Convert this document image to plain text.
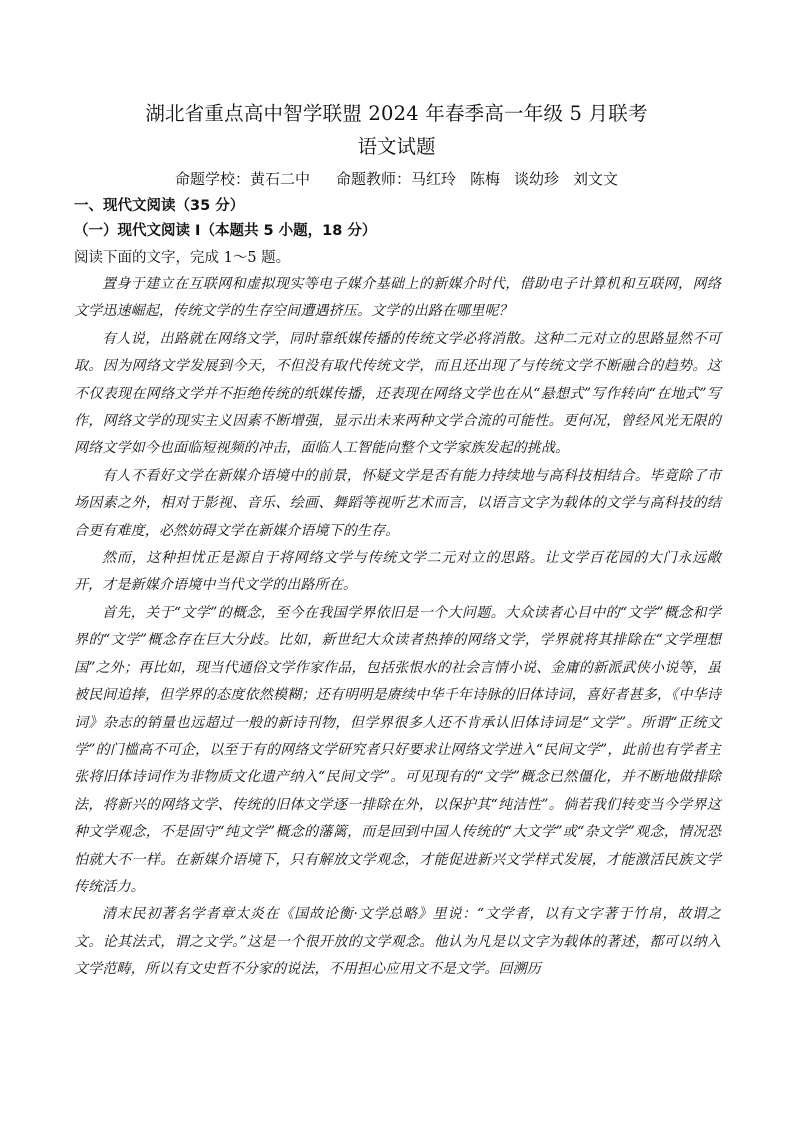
湖北省重点高中智学联盟 2024 年春季高一年级 5 月联考
语文试题
命题学校：黄石二中 命题教师：马红玲 陈梅 谈幼珍 刘文文
一、现代文阅读（35 分）
（一）现代文阅读 I（本题共 5 小题，18 分）
阅读下面的文字，完成 1～5 题。

置身于建立在互联网和虚拟现实等电子媒介基础上的新媒介时代，借助电子计算机和互联网，网络文学迅速崛起，传统文学的生存空间遭遇挤压。文学的出路在哪里呢？

有人说，出路就在网络文学，同时靠纸媒传播的传统文学必将消散。这种二元对立的思路显然不可取。因为网络文学发展到今天，不但没有取代传统文学，而且还出现了与传统文学不断融合的趋势。这不仅表现在网络文学并不拒绝传统的纸媒传播，还表现在网络文学也在从“悬想式”写作转向“在地式”写作，网络文学的现实主义因素不断增强，显示出未来两种文学合流的可能性。更何况，曾经风光无限的网络文学如今也面临短视频的冲击，面临人工智能向整个文学家族发起的挑战。

有人不看好文学在新媒介语境中的前景，怀疑文学是否有能力持续地与高科技相结合。毕竟除了市场因素之外，相对于影视、音乐、绘画、舞蹈等视听艺术而言，以语言文字为载体的文学与高科技的结合更有难度，必然妨碍文学在新媒介语境下的生存。

然而，这种担忧正是源自于将网络文学与传统文学二元对立的思路。让文学百花园的大门永远敞开，才是新媒介语境中当代文学的出路所在。

首先，关于“文学”的概念，至今在我国学界依旧是一个大问题。大众读者心目中的“文学”概念和学界的“文学”概念存在巨大分歧。比如，新世纪大众读者热捧的网络文学，学界就将其排除在“文学理想国”之外；再比如，现当代通俗文学作家作品，包括张恨水的社会言情小说、金庸的新派武侠小说等，虽被民间追捧，但学界的态度依然模糊；还有明明是赓续中华千年诗脉的旧体诗词，喜好者甚多，《中华诗词》杂志的销量也远超过一般的新诗刊物，但学界很多人还不肯承认旧体诗词是“文学”。所谓“正统文学”的门槛高不可企，以至于有的网络文学研究者只好要求让网络文学进入“民间文学”，此前也有学者主张将旧体诗词作为非物质文化遗产纳入“民间文学”。可见现有的“文学”概念已然僵化，并不断地做排除法，将新兴的网络文学、传统的旧体文学逐一排除在外，以保护其“纯洁性”。倘若我们转变当今学界这种文学观念，不是固守“纯文学”概念的藩篱，而是回到中国人传统的“大文学”或“杂文学”观念，情况恐怕就大不一样。在新媒介语境下，只有解放文学观念，才能促进新兴文学样式发展，才能激活民族文学传统活力。

清末民初著名学者章太炎在《国故论衡·文学总略》里说：“文学者，以有文字著于竹帛，故谓之文。论其法式，谓之文学。”这是一个很开放的文学观念。他认为凡是以文字为载体的著述，都可以纳入文学范畴，所以有文史哲不分家的说法，不用担心应用文不是文学。回溯历
